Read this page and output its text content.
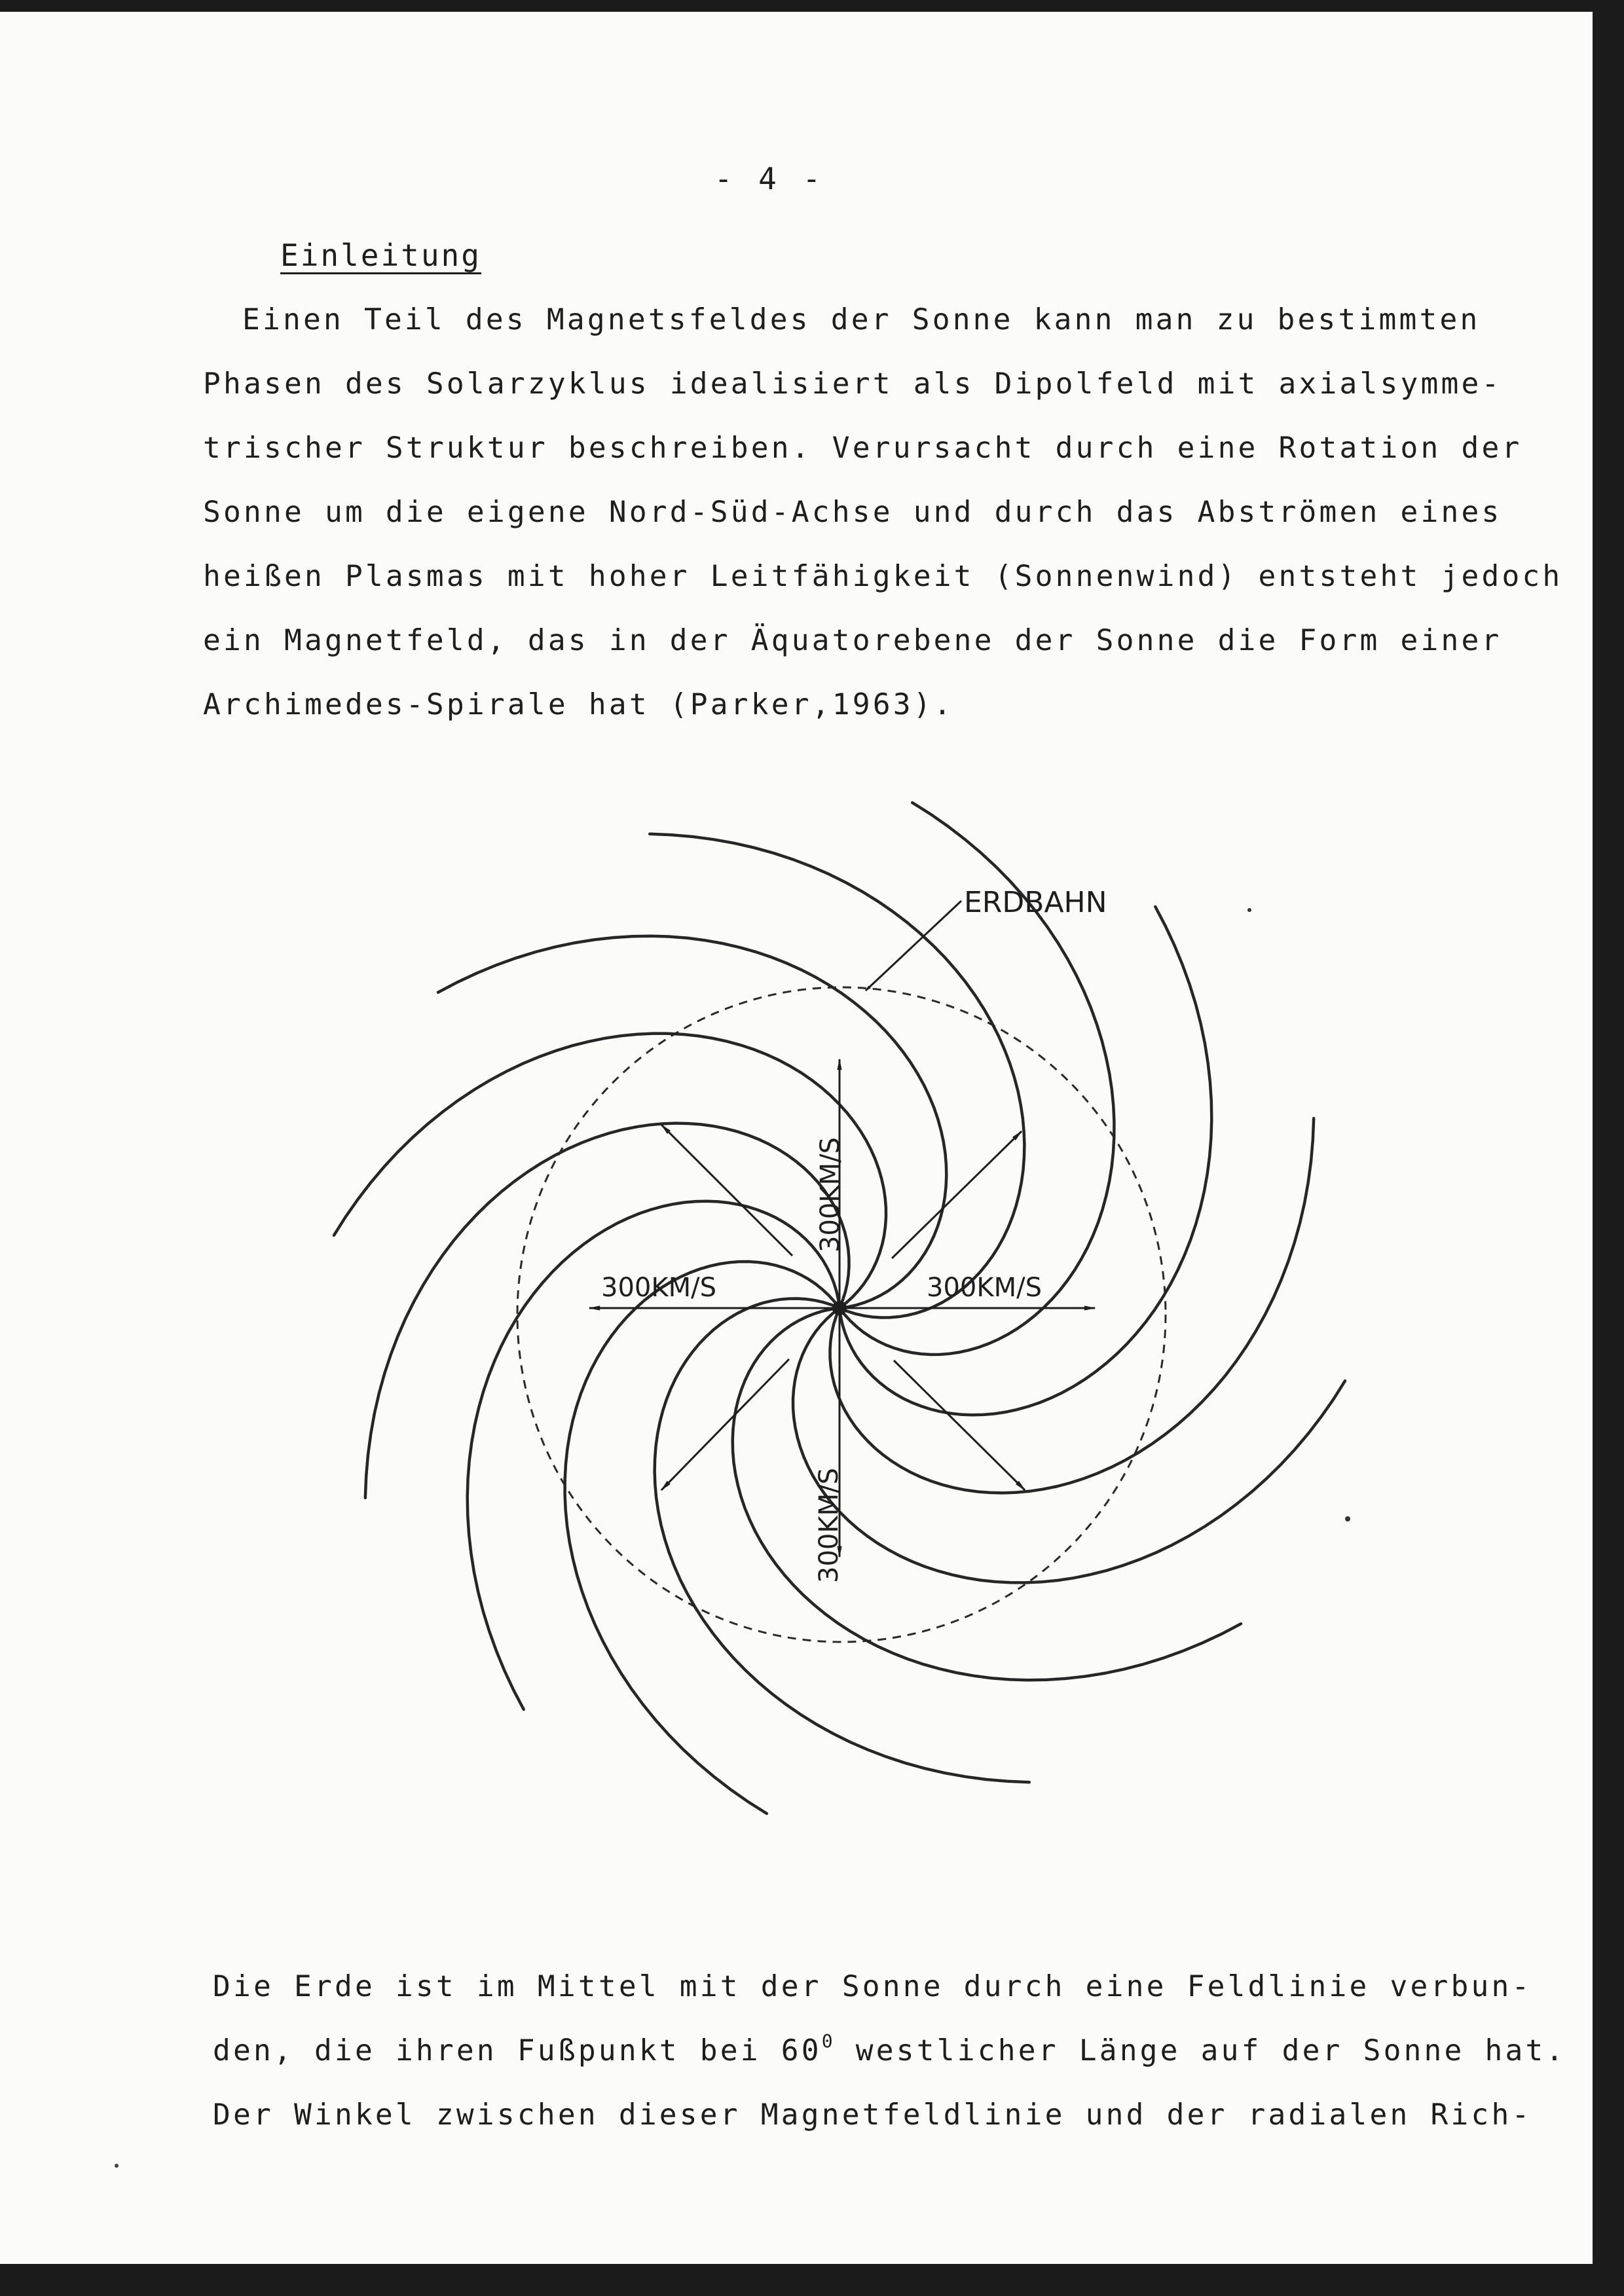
- 4 -
Einleitung
Einen Teil des Magnetsfeldes der Sonne kann man zu bestimmten
Phasen des Solarzyklus idealisiert als Dipolfeld mit axialsymme-
trischer Struktur beschreiben. Verursacht durch eine Rotation der
Sonne um die eigene Nord-Süd-Achse und durch das Abströmen eines
heißen Plasmas mit hoher Leitfähigkeit (Sonnenwind) entsteht jedoch
ein Magnetfeld, das in der Äquatorebene der Sonne die Form einer
Archimedes-Spirale hat (Parker,1963).
ERDBAHN
300KM/S
300KM/S
300KM/S	300KM/S
Die Erde ist im Mittel mit der Sonne durch eine Feldlinie verbun-
den, die ihren Fußpunkt bei $60^0$ westlicher Länge auf der Sonne hat.
Der Winkel zwischen dieser Magnetfeldlinie und der radialen Rich-
